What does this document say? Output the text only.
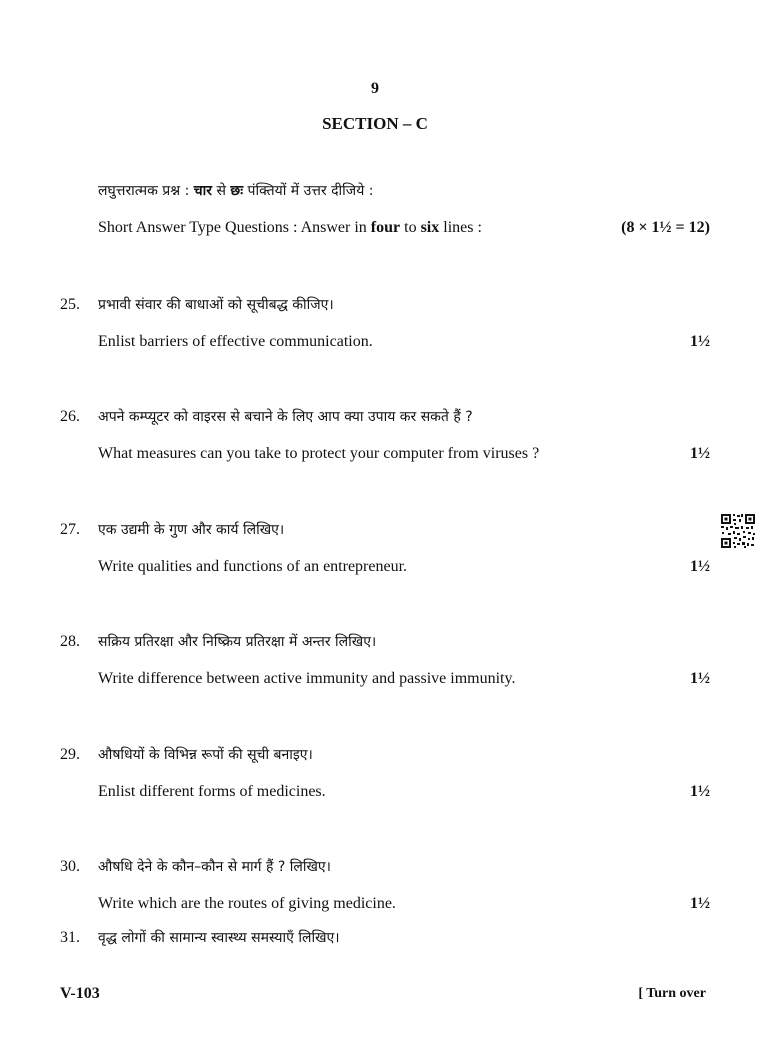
9
SECTION – C
लघुत्तरात्मक प्रश्न : चार से छः पंक्तियों में उत्तर दीजिये :
Short Answer Type Questions : Answer in four to six lines :	(8 × 1½ = 12)
25. प्रभावी संवार की बाधाओं को सूचीबद्ध कीजिए।
Enlist barriers of effective communication.	1½
26. अपने कम्प्यूटर को वाइरस से बचाने के लिए आप क्या उपाय कर सकते हैं ?
What measures can you take to protect your computer from viruses ?	1½
27. एक उद्यमी के गुण और कार्य लिखिए।
Write qualities and functions of an entrepreneur.	1½
28. सक्रिय प्रतिरक्षा और निष्क्रिय प्रतिरक्षा में अन्तर लिखिए।
Write difference between active immunity and passive immunity.	1½
29. औषधियों के विभिन्न रूपों की सूची बनाइए।
Enlist different forms of medicines.	1½
30. औषधि देने के कौन–कौन से मार्ग हैं ? लिखिए।
Write which are the routes of giving medicine.	1½
31. वृद्ध लोगों की सामान्य स्वास्थ्य समस्याएँ लिखिए।
V-103	[ Turn over
